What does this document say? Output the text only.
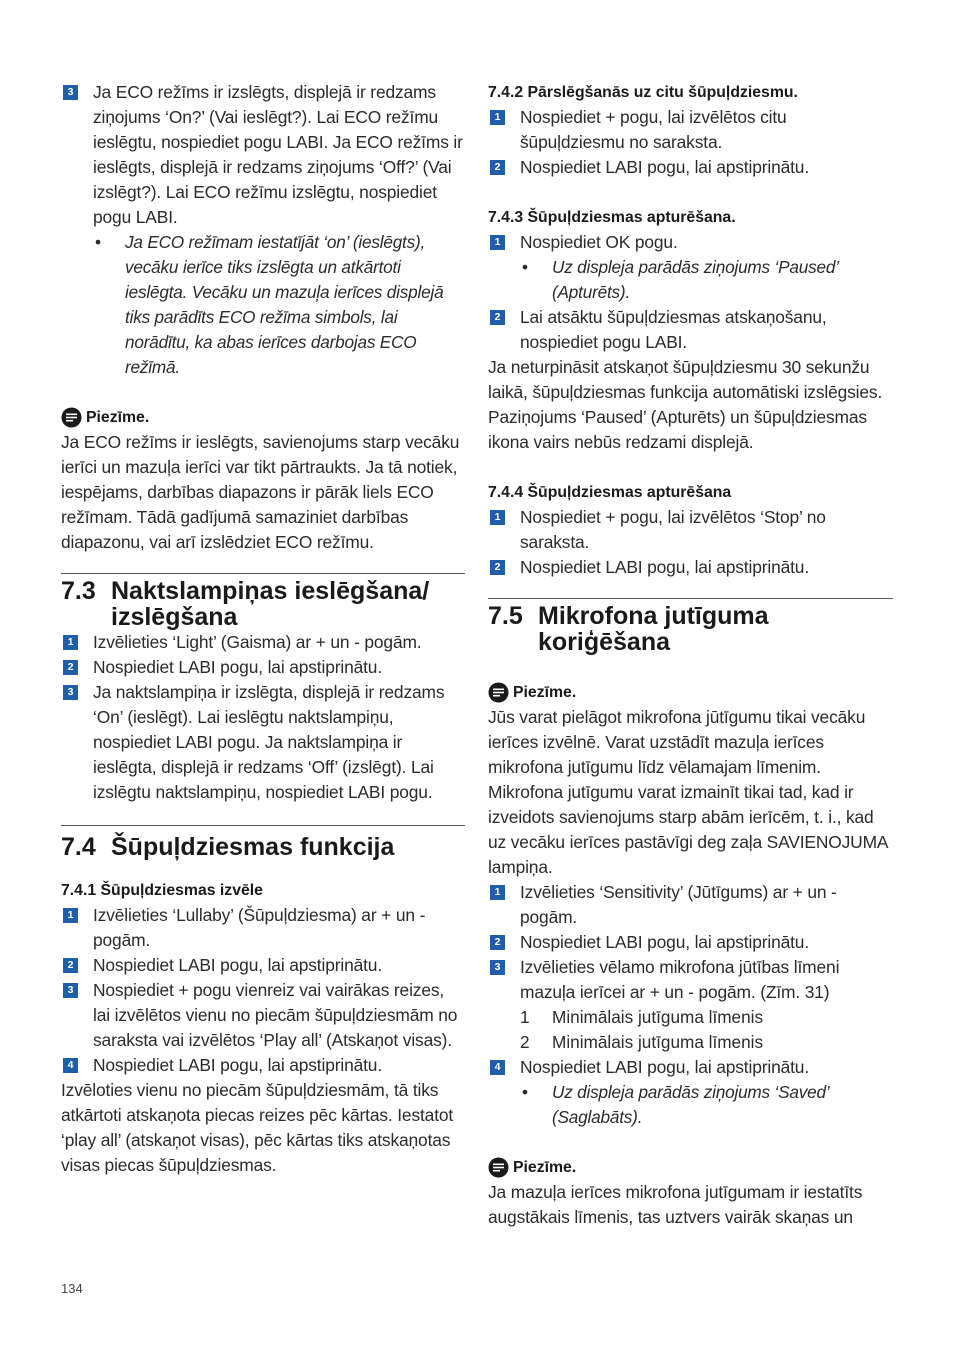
3 Ja ECO režīms ir izslēgts, displejā ir redzams ziņojums ‘On?’ (Vai ieslēgt?). Lai ECO režīmu ieslēgtu, nospiediet pogu LABI. Ja ECO režīms ir ieslēgts, displejā ir redzams ziņojums ‘Off?’ (Vai izslēgt?). Lai ECO režīmu izslēgtu, nospiediet pogu LABI.
• Ja ECO režīmam iestatījāt ‘on’ (ieslēgts), vecāku ierīce tiks izslēgta un atkārtoti ieslēgta. Vecāku un mazuļa ierīces displejā tiks parādīts ECO režīma simbols, lai norādītu, ka abas ierīces darbojas ECO režīmā.
Piezīme.

Ja ECO režīms ir ieslēgts, savienojums starp vecāku ierīci un mazuļa ierīci var tikt pārtraukts. Ja tā notiek, iespējams, darbības diapazons ir pārāk liels ECO režīmam. Tādā gadījumā samaziniet darbības diapazonu, vai arī izslēdziet ECO režīmu.

7.3 Naktslampiņas ieslēgšana/
izslēgšana
1 Izvēlieties ‘Light’ (Gaisma) ar + un - pogām.
2 Nospiediet LABI pogu, lai apstiprinātu.
3 Ja naktslampiņa ir izslēgta, displejā ir redzams ‘On’ (ieslēgt). Lai ieslēgtu naktslampiņu, nospiediet LABI pogu. Ja naktslampiņa ir ieslēgta, displejā ir redzams ‘Off’ (izslēgt). Lai izslēgtu naktslampiņu, nospiediet LABI pogu.
7.4 Šūpuļdziesmas funkcija
7.4.1 Šūpuļdziesmas izvēle
1 Izvēlieties ‘Lullaby’ (Šūpuļdziesma) ar + un - pogām.
2 Nospiediet LABI pogu, lai apstiprinātu.
3 Nospiediet + pogu vienreiz vai vairākas reizes, lai izvēlētos vienu no piecām šūpuļdziesmām no saraksta vai izvēlētos ‘Play all’ (Atskaņot visas).
4 Nospiediet LABI pogu, lai apstiprinātu.

Izvēloties vienu no piecām šūpuļdziesmām, tā tiks atkārtoti atskaņota piecas reizes pēc kārtas. Iestatot ‘play all’ (atskaņot visas), pēc kārtas tiks atskaņotas visas piecas šūpuļdziesmas.

7.4.2 Pārslēgšanās uz citu šūpuļdziesmu.
1 Nospiediet + pogu, lai izvēlētos citu šūpuļdziesmu no saraksta.
2 Nospiediet LABI pogu, lai apstiprinātu.
7.4.3 Šūpuļdziesmas apturēšana.
1 Nospiediet OK pogu.
• Uz displeja parādās ziņojums ‘Paused’ (Apturēts).
2 Lai atsāktu šūpuļdziesmas atskaņošanu, nospiediet pogu LABI.

Ja neturpināsit atskaņot šūpuļdziesmu 30 sekunžu laikā, šūpuļdziesmas funkcija automātiski izslēgsies. Paziņojums ‘Paused’ (Apturēts) un šūpuļdziesmas ikona vairs nebūs redzami displejā.

7.4.4 Šūpuļdziesmas apturēšana
1 Nospiediet + pogu, lai izvēlētos ‘Stop’ no saraksta.
2 Nospiediet LABI pogu, lai apstiprinātu.
7.5 Mikrofona jutīguma
koriģēšana
Piezīme.

Jūs varat pielāgot mikrofona jūtīgumu tikai vecāku ierīces izvēlnē. Varat uzstādīt mazuļa ierīces mikrofona jutīgumu līdz vēlamajam līmenim. Mikrofona jutīgumu varat izmainīt tikai tad, kad ir izveidots savienojums starp abām ierīcēm, t. i., kad uz vecāku ierīces pastāvīgi deg zaļa SAVIENOJUMA lampiņa.

1 Izvēlieties ‘Sensitivity’ (Jūtīgums) ar + un - pogām.
2 Nospiediet LABI pogu, lai apstiprinātu.
3 Izvēlieties vēlamo mikrofona jūtības līmeni mazuļa ierīcei ar + un - pogām. (Zīm. 31)
1 Minimālais jutīguma līmenis
2 Minimālais jutīguma līmenis
4 Nospiediet LABI pogu, lai apstiprinātu.
• Uz displeja parādās ziņojums ‘Saved’ (Saglabāts).
Piezīme.

Ja mazuļa ierīces mikrofona jutīgumam ir iestatīts augstākais līmenis, tas uztvers vairāk skaņas un

134
